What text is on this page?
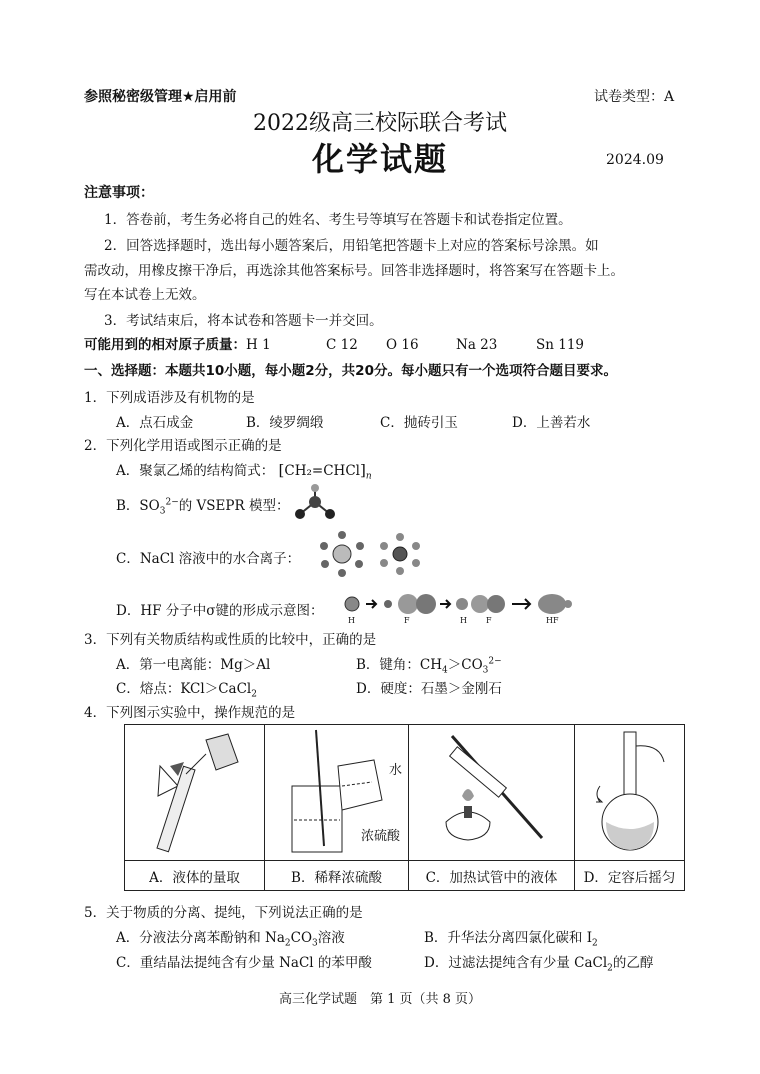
参照秘密级管理★启用前	试卷类型：A
2022级高三校际联合考试
化学试题	2024.09
注意事项：
1．答卷前，考生务必将自己的姓名、考生号等填写在答题卡和试卷指定位置。
2．回答选择题时，选出每小题答案后，用铅笔把答题卡上对应的答案标号涂黑。如
需改动，用橡皮擦干净后，再选涂其他答案标号。回答非选择题时，将答案写在答题卡上。
写在本试卷上无效。
3．考试结束后，将本试卷和答题卡一并交回。
可能用到的相对原子质量：H 1	C 12 O 16	Na 23	Sn 119
一、选择题：本题共10小题，每小题2分，共20分。每小题只有一个选项符合题目要求。
1．下列成语涉及有机物的是
A．点石成金	B．绫罗绸缎	C．抛砖引玉	D．上善若水
2．下列化学用语或图示正确的是
A．聚氯乙烯的结构简式： $[CH_2=CHCl]_n$
B．$SO_3^{2-}$的 VSEPR 模型：
C．NaCl 溶液中的水合离子：
D．HF 分子中σ键的形成示意图：
H	F	H F	HF
3．下列有关物质结构或性质的比较中，正确的是
A．第一电离能：Mg＞Al	B．键角：$CH_4>CO_3^{2-}$
C．熔点：KCl＞CaCl$_2$	D．硬度：石墨＞金刚石
4．下列图示实验中，操作规范的是

水
浓硫酸

A．液体的量取	B．稀释浓硫酸	C．加热试管中的液体	D．定容后摇匀
5．关于物质的分离、提纯，下列说法正确的是
A．分液法分离苯酚钠和 $Na_2CO_3$溶液	B．升华法分离四氯化碳和 $I_2$
C．重结晶法提纯含有少量 NaCl 的苯甲酸	D．过滤法提纯含有少量 CaCl$_2$的乙醇
高三化学试题　第 1 页（共 8 页）
